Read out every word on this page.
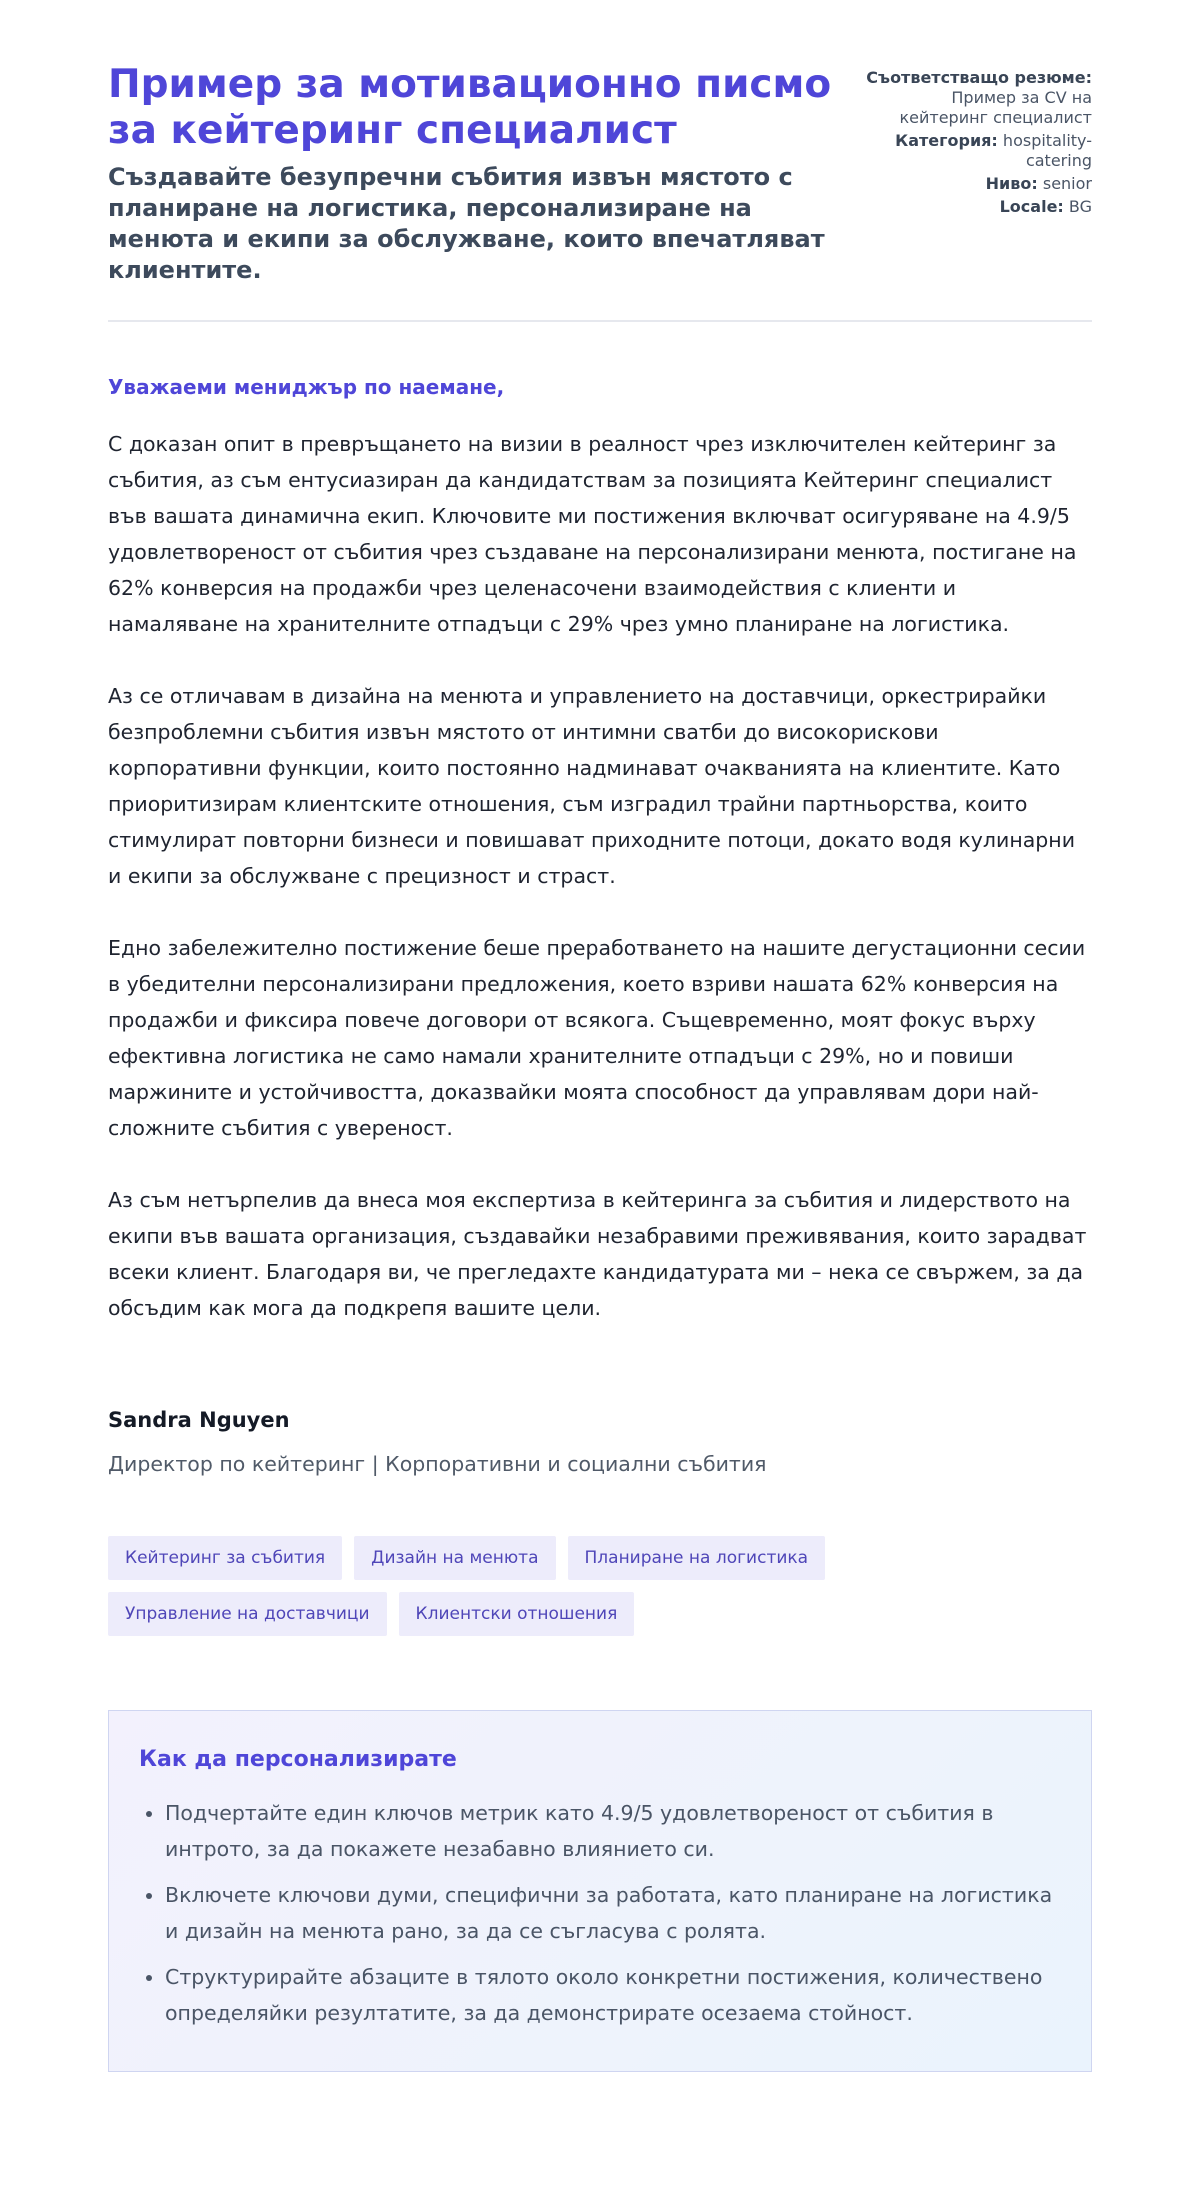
Пример за мотивационно писмо за кейтеринг специалист
Създавайте безупречни събития извън мястото с планиране на логистика, персонализиране на менюта и екипи за обслужване, които впечатляват клиентите.
Съответстващо резюме: Пример за CV на кейтеринг специалист
Категория: hospitality-catering
Ниво: senior
Locale: BG

Уважаеми мениджър по наемане,

С доказан опит в превръщането на визии в реалност чрез изключителен кейтеринг за събития, аз съм ентусиазиран да кандидатствам за позицията Кейтеринг специалист във вашата динамична екип. Ключовите ми постижения включват осигуряване на 4.9/5 удовлетвореност от събития чрез създаване на персонализирани менюта, постигане на 62% конверсия на продажби чрез целенасочени взаимодействия с клиенти и намаляване на хранителните отпадъци с 29% чрез умно планиране на логистика.

Аз се отличавам в дизайна на менюта и управлението на доставчици, оркестрирайки безпроблемни събития извън мястото от интимни сватби до високорискови корпоративни функции, които постоянно надминават очакванията на клиентите. Като приоритизирам клиентските отношения, съм изградил трайни партньорства, които стимулират повторни бизнеси и повишават приходните потоци, докато водя кулинарни и екипи за обслужване с прецизност и страст.

Едно забележително постижение беше преработването на нашите дегустационни сесии в убедителни персонализирани предложения, което взриви нашата 62% конверсия на продажби и фиксира повече договори от всякога. Същевременно, моят фокус върху ефективна логистика не само намали хранителните отпадъци с 29%, но и повиши маржините и устойчивостта, доказвайки моята способност да управлявам дори най-сложните събития с увереност.

Аз съм нетърпелив да внеса моя експертиза в кейтеринга за събития и лидерството на екипи във вашата организация, създавайки незабравими преживявания, които зарадват всеки клиент. Благодаря ви, че прегледахте кандидатурата ми – нека се свържем, за да обсъдим как мога да подкрепя вашите цели.

Sandra Nguyen
Директор по кейтеринг | Корпоративни и социални събития
Кейтеринг за събития	Дизайн на менюта	Планиране на логистика
Управление на доставчици	Клиентски отношения
Как да персонализирате
• Подчертайте един ключов метрик като 4.9/5 удовлетвореност от събития в интрото, за да покажете незабавно влиянието си.
• Включете ключови думи, специфични за работата, като планиране на логистика и дизайн на менюта рано, за да се съгласува с ролята.
• Структурирайте абзаците в тялото около конкретни постижения, количествено определяйки резултатите, за да демонстрирате осезаема стойност.
